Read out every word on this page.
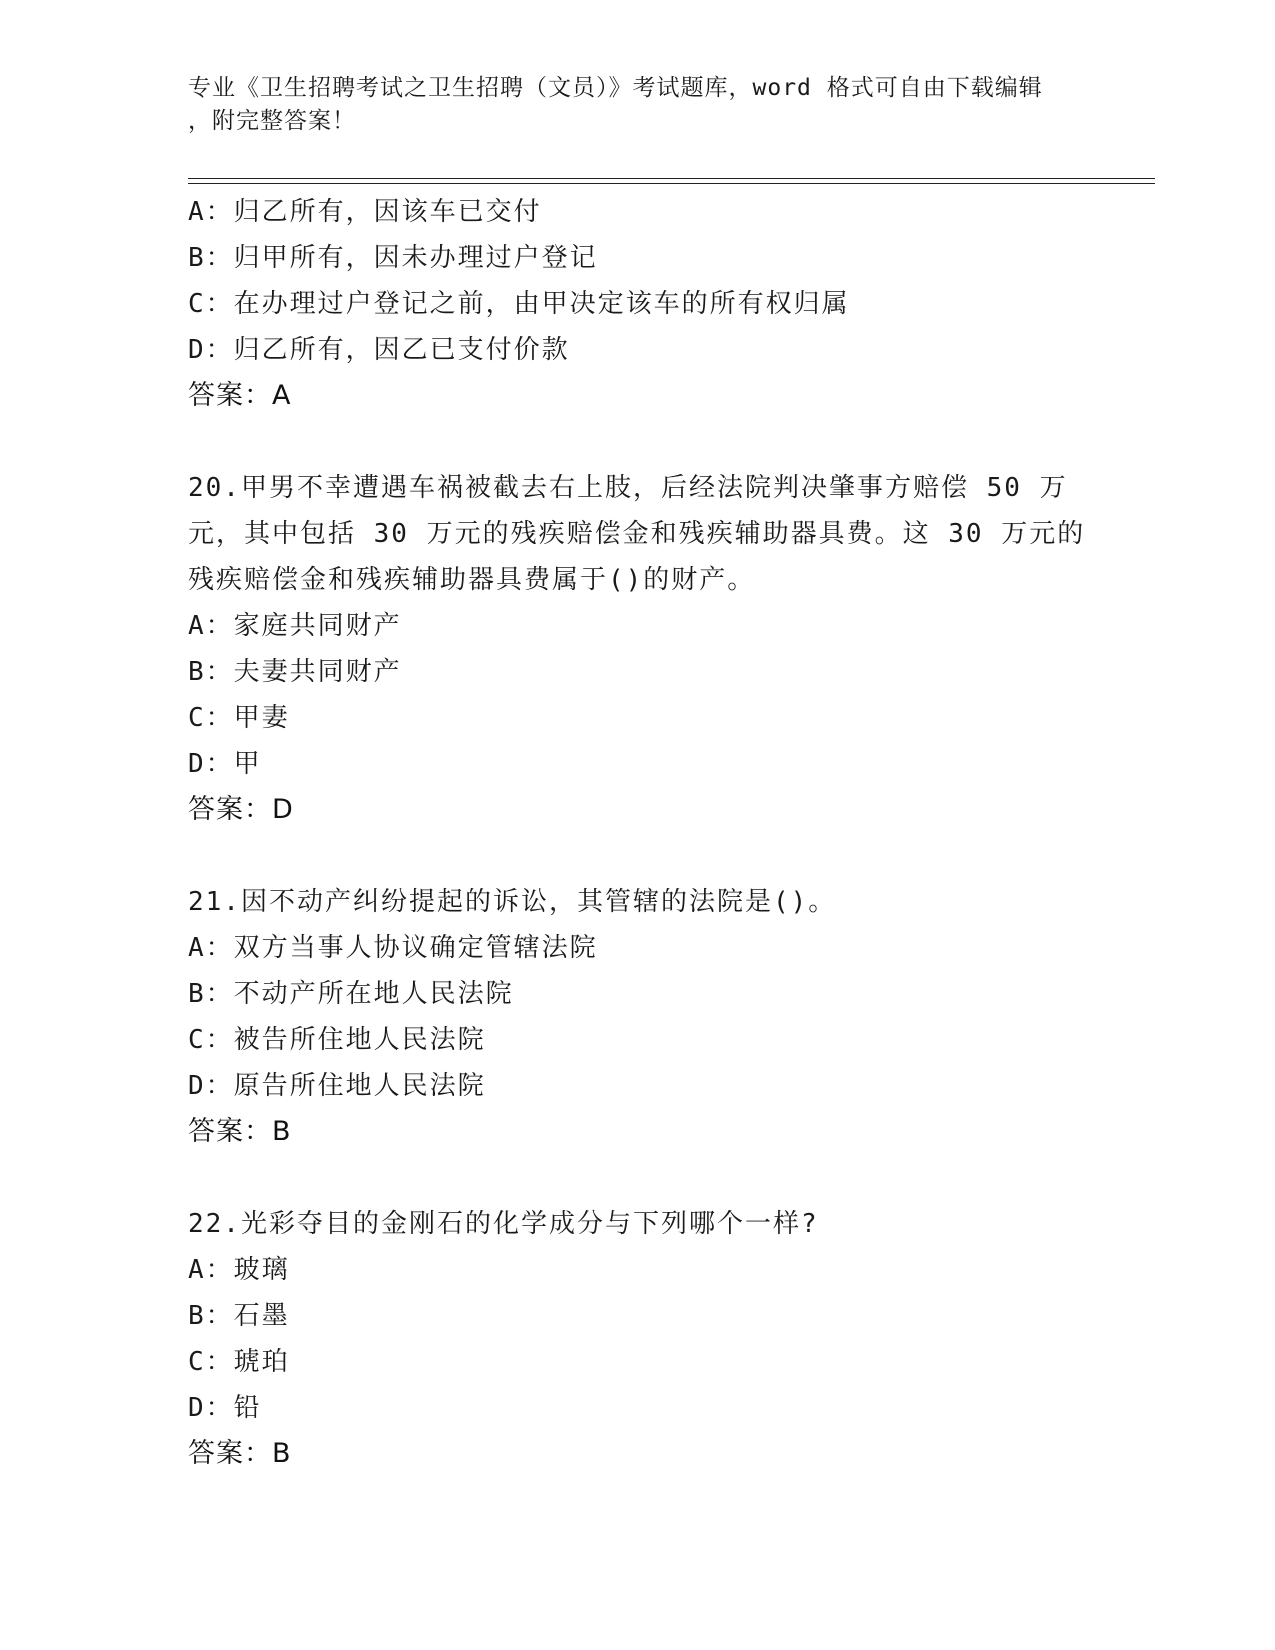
专业《卫生招聘考试之卫生招聘（文员）》考试题库，word 格式可自由下载编辑
，附完整答案！
A：归乙所有，因该车已交付
B：归甲所有，因未办理过户登记
C：在办理过户登记之前，由甲决定该车的所有权归属
D：归乙所有，因乙已支付价款
答案：A
20.甲男不幸遭遇车祸被截去右上肢，后经法院判决肇事方赔偿 50 万
元，其中包括 30 万元的残疾赔偿金和残疾辅助器具费。这 30 万元的
残疾赔偿金和残疾辅助器具费属于()的财产。
A：家庭共同财产
B：夫妻共同财产
C：甲妻
D：甲
答案：D
21.因不动产纠纷提起的诉讼，其管辖的法院是()。
A：双方当事人协议确定管辖法院
B：不动产所在地人民法院
C：被告所住地人民法院
D：原告所住地人民法院
答案：B
22.光彩夺目的金刚石的化学成分与下列哪个一样?
A：玻璃
B：石墨
C：琥珀
D：铅
答案：B
